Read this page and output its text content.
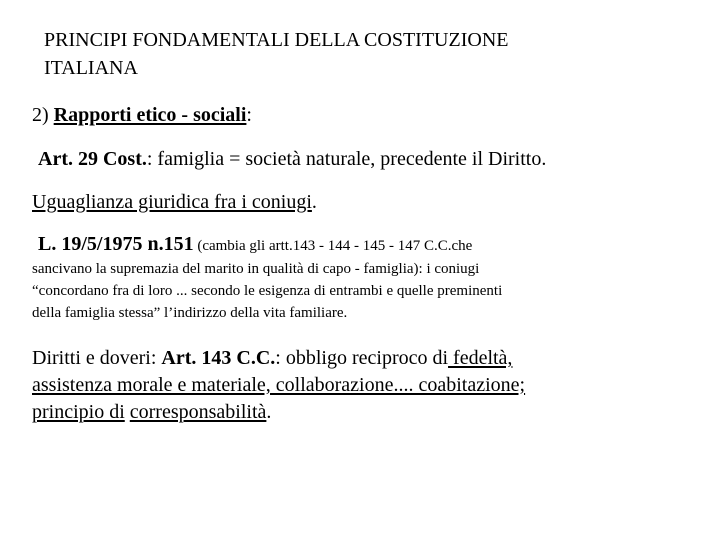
PRINCIPI FONDAMENTALI DELLA COSTITUZIONE
ITALIANA
2) Rapporti etico - sociali:
Art. 29 Cost.: famiglia = società naturale, precedente il Diritto.
Uguaglianza giuridica fra i coniugi.
L. 19/5/1975 n.151 (cambia gli artt.143 - 144 - 145 - 147 C.C.che
sancivano la supremazia del marito in qualità di capo - famiglia): i coniugi
“concordano fra di loro ... secondo le esigenza di entrambi e quelle preminenti
della famiglia stessa” l’indirizzo della vita familiare.
Diritti e doveri: Art. 143 C.C.: obbligo reciproco di fedeltà,
assistenza morale e materiale, collaborazione.... coabitazione;
principio di corresponsabilità.
